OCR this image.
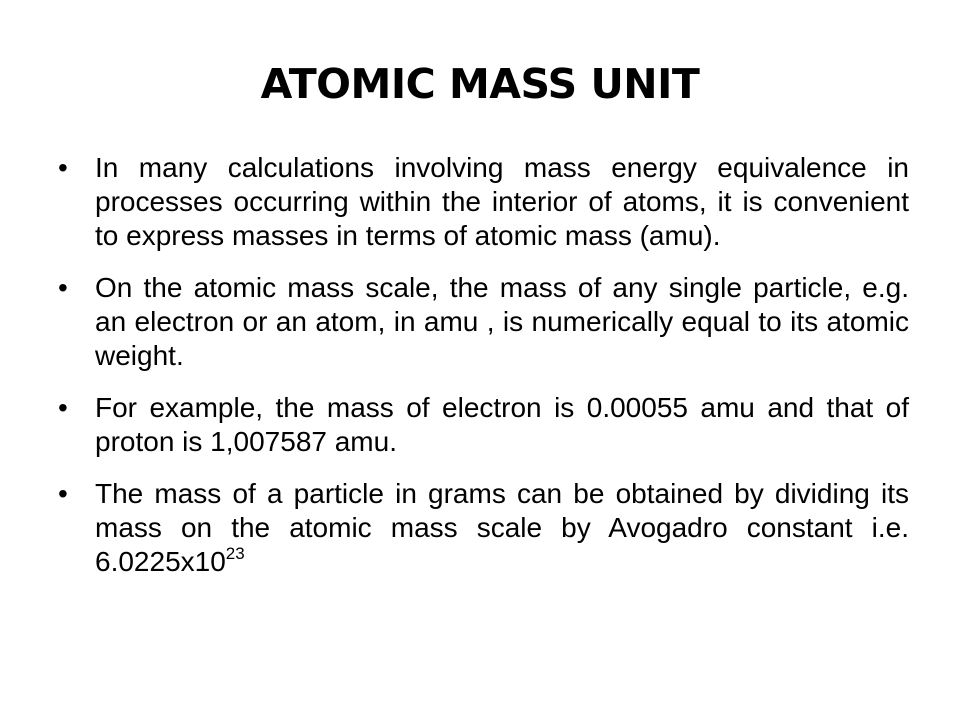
ATOMIC MASS UNIT
• In many calculations involving mass energy equivalence in processes occurring within the interior of atoms, it is convenient to express masses in terms of atomic mass (amu).
• On the atomic mass scale, the mass of any single particle, e.g. an electron or an atom, in amu , is numerically equal to its atomic weight.
• For example, the mass of electron is 0.00055 amu and that of proton is 1,007587 amu.
• The mass of a particle in grams can be obtained by dividing its mass on the atomic mass scale by Avogadro constant i.e. $6.0225x10^{23}$
